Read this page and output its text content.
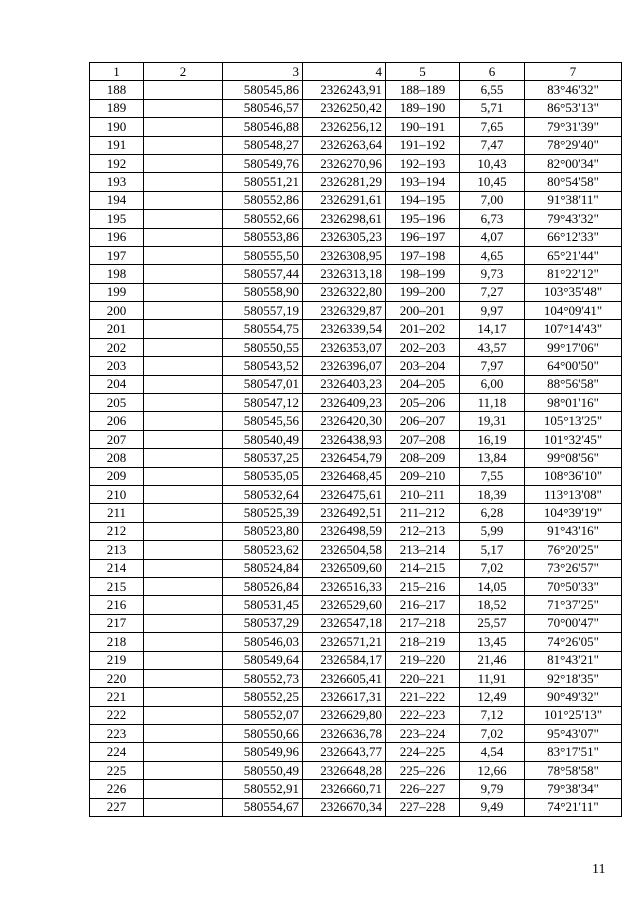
1	2	3	4	5	6	7
188		580545,86	2326243,91	188–189	6,55	83°46'32"
189		580546,57	2326250,42	189–190	5,71	86°53'13"
190		580546,88	2326256,12	190–191	7,65	79°31'39"
191		580548,27	2326263,64	191–192	7,47	78°29'40"
192		580549,76	2326270,96	192–193	10,43	82°00'34"
193		580551,21	2326281,29	193–194	10,45	80°54'58"
194		580552,86	2326291,61	194–195	7,00	91°38'11"
195		580552,66	2326298,61	195–196	6,73	79°43'32"
196		580553,86	2326305,23	196–197	4,07	66°12'33"
197		580555,50	2326308,95	197–198	4,65	65°21'44"
198		580557,44	2326313,18	198–199	9,73	81°22'12"
199		580558,90	2326322,80	199–200	7,27	103°35'48"
200		580557,19	2326329,87	200–201	9,97	104°09'41"
201		580554,75	2326339,54	201–202	14,17	107°14'43"
202		580550,55	2326353,07	202–203	43,57	99°17'06"
203		580543,52	2326396,07	203–204	7,97	64°00'50"
204		580547,01	2326403,23	204–205	6,00	88°56'58"
205		580547,12	2326409,23	205–206	11,18	98°01'16"
206		580545,56	2326420,30	206–207	19,31	105°13'25"
207		580540,49	2326438,93	207–208	16,19	101°32'45"
208		580537,25	2326454,79	208–209	13,84	99°08'56"
209		580535,05	2326468,45	209–210	7,55	108°36'10"
210		580532,64	2326475,61	210–211	18,39	113°13'08"
211		580525,39	2326492,51	211–212	6,28	104°39'19"
212		580523,80	2326498,59	212–213	5,99	91°43'16"
213		580523,62	2326504,58	213–214	5,17	76°20'25"
214		580524,84	2326509,60	214–215	7,02	73°26'57"
215		580526,84	2326516,33	215–216	14,05	70°50'33"
216		580531,45	2326529,60	216–217	18,52	71°37'25"
217		580537,29	2326547,18	217–218	25,57	70°00'47"
218		580546,03	2326571,21	218–219	13,45	74°26'05"
219		580549,64	2326584,17	219–220	21,46	81°43'21"
220		580552,73	2326605,41	220–221	11,91	92°18'35"
221		580552,25	2326617,31	221–222	12,49	90°49'32"
222		580552,07	2326629,80	222–223	7,12	101°25'13"
223		580550,66	2326636,78	223–224	7,02	95°43'07"
224		580549,96	2326643,77	224–225	4,54	83°17'51"
225		580550,49	2326648,28	225–226	12,66	78°58'58"
226		580552,91	2326660,71	226–227	9,79	79°38'34"
227		580554,67	2326670,34	227–228	9,49	74°21'11"
11
